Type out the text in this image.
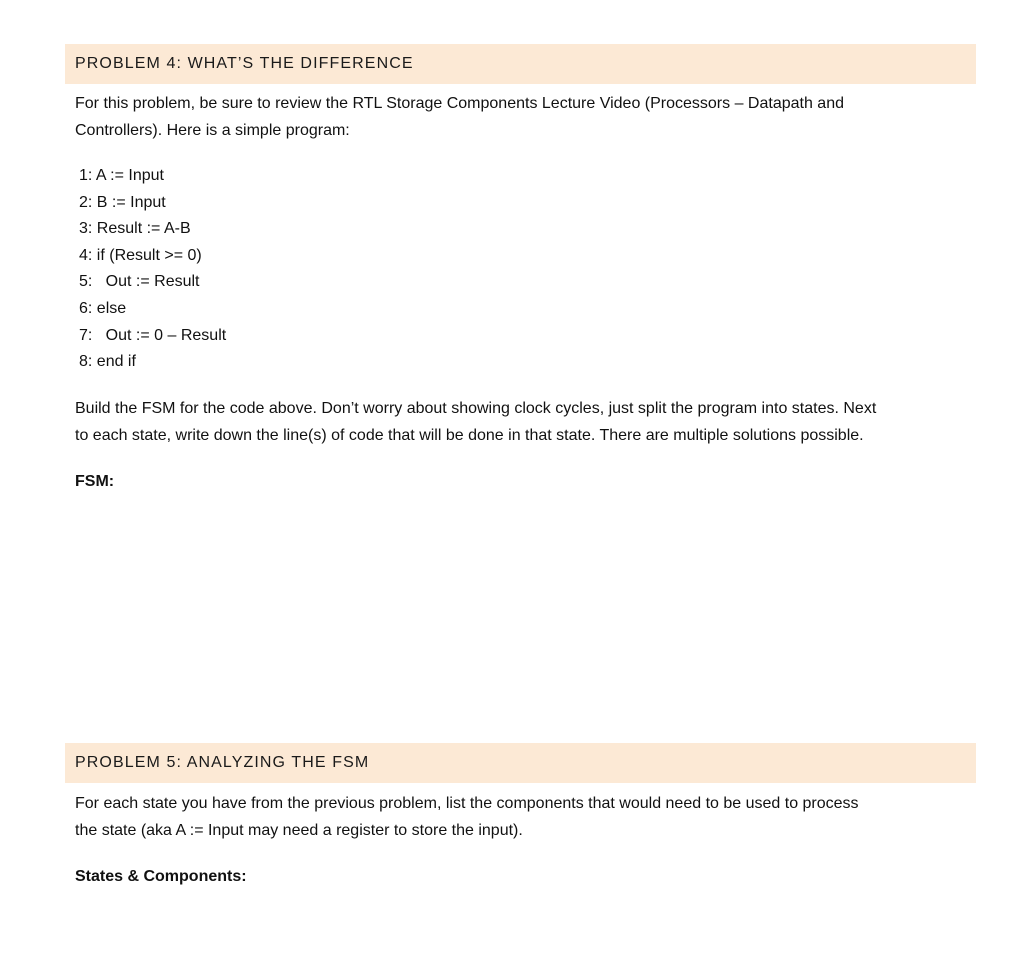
PROBLEM 4: WHAT’S THE DIFFERENCE
For this problem, be sure to review the RTL Storage Components Lecture Video (Processors – Datapath and
Controllers). Here is a simple program:
1: A := Input
2: B := Input
3: Result := A-B
4: if (Result >= 0)
5:   Out := Result
6: else
7:   Out := 0 – Result
8: end if
Build the FSM for the code above. Don’t worry about showing clock cycles, just split the program into states. Next
to each state, write down the line(s) of code that will be done in that state. There are multiple solutions possible.

FSM:

PROBLEM 5: ANALYZING THE FSM
For each state you have from the previous problem, list the components that would need to be used to process
the state (aka A := Input may need a register to store the input).

States & Components:
